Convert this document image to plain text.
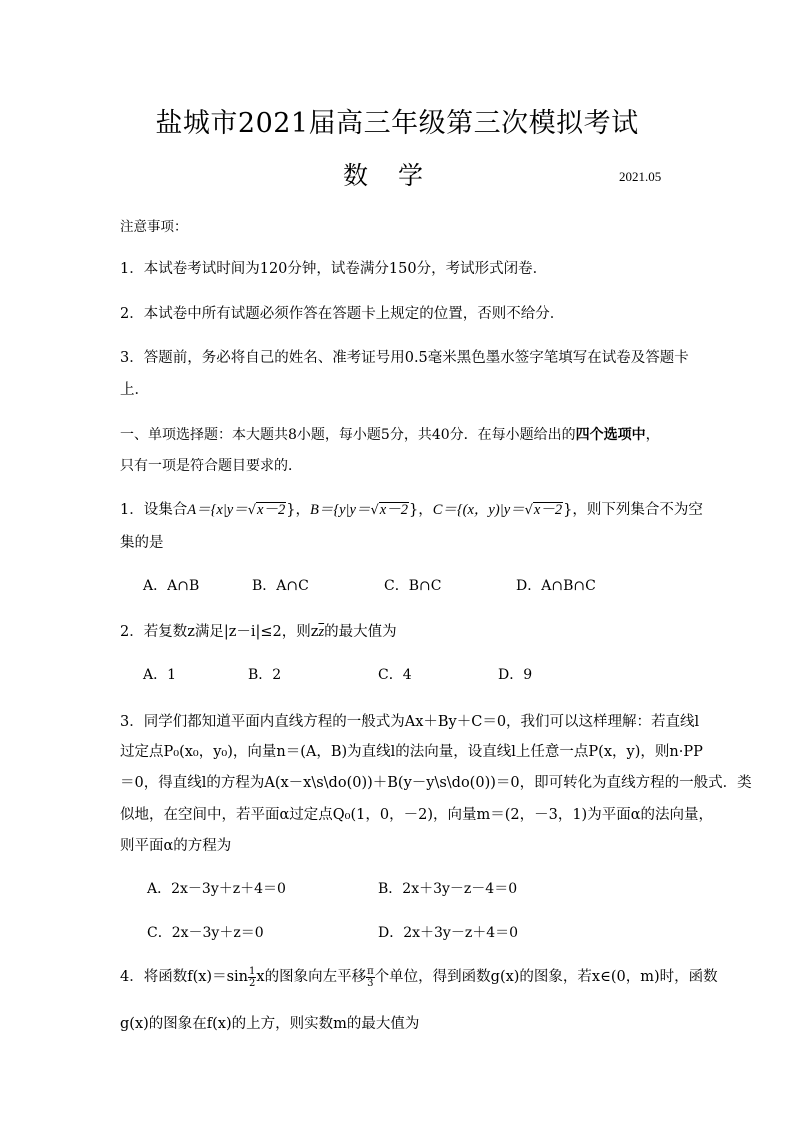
盐城市2021届高三年级第三次模拟考试
数学	2021.05
注意事项：
1．本试卷考试时间为120分钟，试卷满分150分，考试形式闭卷．
2．本试卷中所有试题必须作答在答题卡上规定的位置，否则不给分．
3．答题前，务必将自己的姓名、准考证号用0.5毫米黑色墨水签字笔填写在试卷及答题卡
上．
一、单项选择题：本大题共8小题，每小题5分，共40分．在每小题给出的四个选项中，
只有一项是符合题目要求的．
1．设集合A＝{x|y＝√x－2}，B＝{y|y＝√x－2}，C＝{(x，y)|y＝√x－2}，则下列集合不为空
集的是
A．A∩B	B．A∩C	C．B∩C	D．A∩B∩C
2．若复数z满足|z－i|≤2，则$z\overline{z}$的最大值为
A．1	B．2	C．4	D．9
3．同学们都知道平面内直线方程的一般式为Ax＋By＋C＝0，我们可以这样理解：若直线l
过定点P₀(x₀，y₀)，向量n＝(A，B)为直线l的法向量，设直线l上任意一点P(x，y)，则n·PP
＝0，得直线l的方程为A(x－x\s\do(0))＋B(y－y\s\do(0))＝0，即可转化为直线方程的一般式．类
似地，在空间中，若平面α过定点Q₀(1，0，－2)，向量m＝(2，－3，1)为平面α的法向量，
则平面α的方程为
A．2x－3y＋z＋4＝0	B．2x＋3y－z－4＝0
C．2x－3y＋z＝0	D．2x＋3y－z＋4＝0
4．将函数$f(x)=\sin \frac{1}{2}$ x的图象向左平移 $\frac{\pi}{3}$ 个单位，得到函数g(x)的图象，若x∈(0，m)时，函数
g(x)的图象在f(x)的上方，则实数m的最大值为
